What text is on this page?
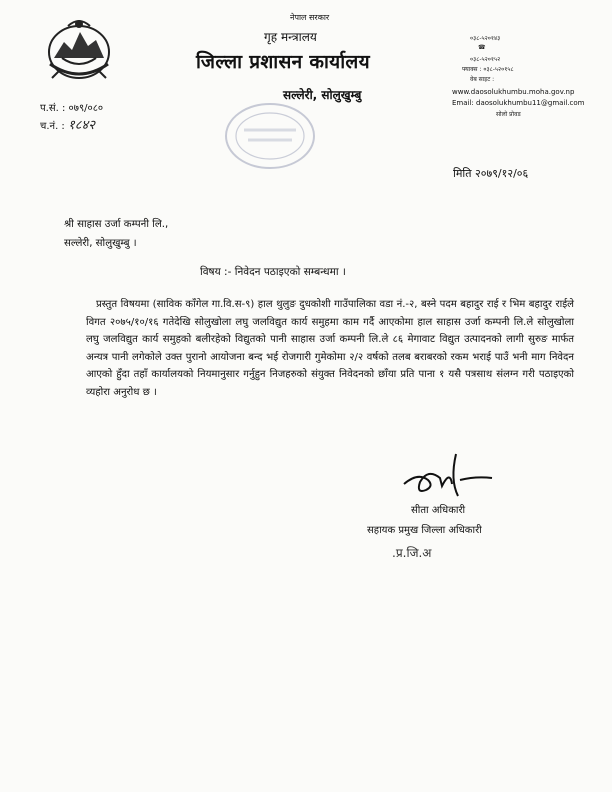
नेपाल सरकार
गृह मन्त्रालय
जिल्ला प्रशासन कार्यालय
सल्लेरी, सोलुखुम्बु
०३८-५२०१४३
☎
०३८-५२०१५२
फ्याक्स : ०३८-५२०१५८
वेब साइट :
www.daosolukhumbu.moha.gov.np
Email: daosolukhumbu11@gmail.com
सोलो प्रोवड
प.सं. : ०७९/०८०
च.नं. : १८४२
मिति २०७९/१२/०६
श्री साहास उर्जा कम्पनी लि.,
सल्लेरी, सोलुखुम्बु ।
विषय :- निवेदन पठाइएको सम्बन्धमा ।
प्रस्तुत विषयमा (साविक काँगेल गा.वि.स-९) हाल थुलुङ दुधकोशी गाउँपालिका वडा नं.-२, बस्ने पदम बहादुर राई र भिम बहादुर राईले विगत २०७५/१०/१६ गतेदेखि सोलुखोला लघु जलविद्युत कार्य समुहमा काम गर्दै आएकोमा हाल साहास उर्जा कम्पनी लि.ले सोलुखोला लघु जलविद्युत कार्य समुहको बलीरहेको विद्युतको पानी साहास उर्जा कम्पनी लि.ले ८६ मेगावाट विद्युत उत्पादनको लागी सुरुङ मार्फत अन्यत्र पानी लगेकोले उक्त पुरानो आयोजना बन्द भई रोजगारी गुमेकोमा २/२ वर्षको तलब बराबरको रकम भराई पाउँ भनी माग निवेदन आएको हुँदा तहाँ कार्यालयको नियमानुसार गर्नुहुन निजहरुको संयुक्त निवेदनको छाँया प्रति पाना १ यसै पत्रसाथ संलग्न गरी पठाइएको व्यहोरा अनुरोध छ ।
सीता अधिकारी
सहायक प्रमुख जिल्ला अधिकारी
.प्र.जि.अ
